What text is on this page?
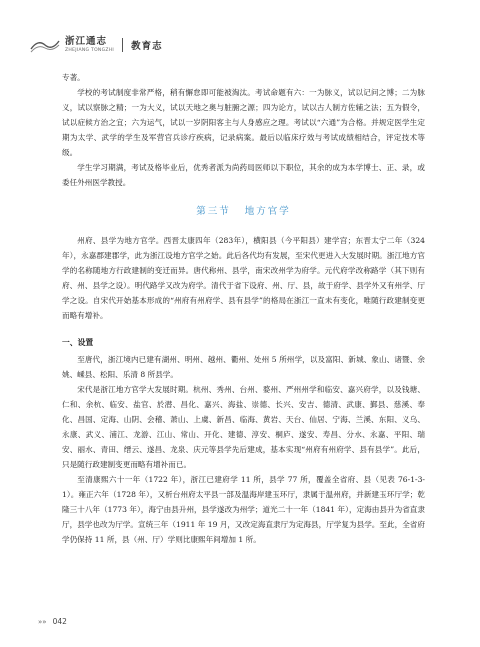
浙江通志
ZHEJIANG TONGZHI 教育志

专著。

学校的考试制度非常严格，稍有懈怠即可能被淘汰。考试命题有六：一为脉义，试以记问之博；二为脉义，试以察脉之精；一为大义，试以天地之奥与脏腑之源；四为论方，试以古人制方佐辅之法；五为假令，试以症候方治之宜；六为运气，试以一岁阴阳客主与人身感应之理。考试以“六通”为合格。并规定医学生定期为太学、武学的学生及军营官兵诊疗疾病，记录病案。最后以临床疗效与考试成绩相结合，评定技术等级。

学生学习期满，考试及格毕业后，优秀者派为尚药局医师以下职位，其余的成为本学博士、正、录，或委任外州医学教授。

第三节 地方官学

州府、县学为地方官学。西晋太康四年（283年），横阳县（今平阳县）建学宫；东晋太宁二年（324年），永嘉郡建郡学，此为浙江设地方官学之始。此后各代均有发展，至宋代更进入大发展时期。浙江地方官学的名称随地方行政建制的变迁而异。唐代称州、县学，南宋改州学为府学。元代府学改称路学（其下则有府、州、县学之设）。明代路学又改为府学。清代于省下设府、州、厅、县，故于府学、县学外又有州学、厅学之设。自宋代开始基本形成的“州府有州府学、县有县学”的格局在浙江一直未有变化，唯随行政建制变更而略有增补。

一、设置

至唐代，浙江境内已建有湖州、明州、越州、衢州、处州 5 所州学，以及富阳、新城、象山、诸暨、余姚、嵊县、松阳、乐清 8 所县学。

宋代是浙江地方官学大发展时期。杭州、秀州、台州、婺州、严州州学和临安、嘉兴府学，以及钱塘、仁和、余杭、临安、盐官、於潜、昌化、嘉兴、海盐、崇德、长兴、安吉、德清、武康、鄞县、慈溪、奉化、昌国、定海、山阴、会稽、萧山、上虞、新昌、临海、黄岩、天台、仙居、宁海、兰溪、东阳、义乌、永康、武义、浦江、龙游、江山、常山、开化、建德、淳安、桐庐、遂安、寿昌、分水、永嘉、平阳、瑞安、丽水、青田、缙云、遂昌、龙泉、庆元等县学先后建成，基本实现“州府有州府学、县有县学”。此后，只是随行政建制变更而略有增补而已。

至清康熙六十一年（1722 年），浙江已建府学 11 所，县学 77 所，覆盖全省府、县（见表 76-1-3-1）。雍正六年（1728 年），又析台州府太平县一部及温海岸建玉环厅，隶属于温州府，并新建玉环厅学；乾隆三十八年（1773 年），海宁由县升州，县学遂改为州学；道光二十一年（1841 年），定海由县升为省直隶厅，县学也改为厅学。宣统三年（1911 年 19 月，又改定海直隶厅为定海县，厅学复为县学。至此，全省府学仍保持 11 所，县（州、厅）学则比康熙年间增加 1 所。

»» 042
